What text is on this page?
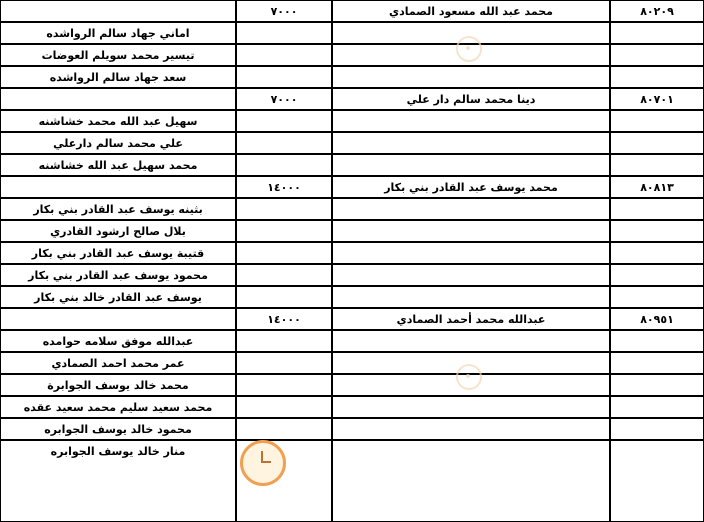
٨٠٢٠٩
محمد عبد الله مسعود الصمادي
٧٠٠٠
اماني جهاد سالم الرواشده
تيسير محمد سويلم العوضات
سعد جهاد سالم الرواشده
٨٠٧٠١
دينا محمد سالم دار علي
٧٠٠٠
سهيل عبد الله محمد خشاشنه
علي محمد سالم دارعلي
محمد سهيل عبد الله خشاشنه
٨٠٨١٣
محمد يوسف عبد القادر بني بكار
١٤٠٠٠
بثينه يوسف عبد القادر بني بكار
بلال صالح ارشود القادري
قتيبة يوسف عبد القادر بني بكار
محمود يوسف عبد القادر بني بكار
يوسف عبد القادر خالد بني بكار
٨٠٩٥١
عبدالله محمد أحمد الصمادي
١٤٠٠٠
عبدالله موفق سلامه حوامده
عمر محمد احمد الصمادي
محمد خالد يوسف الجوابرة
محمد سعيد سليم محمد سعيد عقده
محمود خالد يوسف الجوابره
منار خالد يوسف الجوابره
